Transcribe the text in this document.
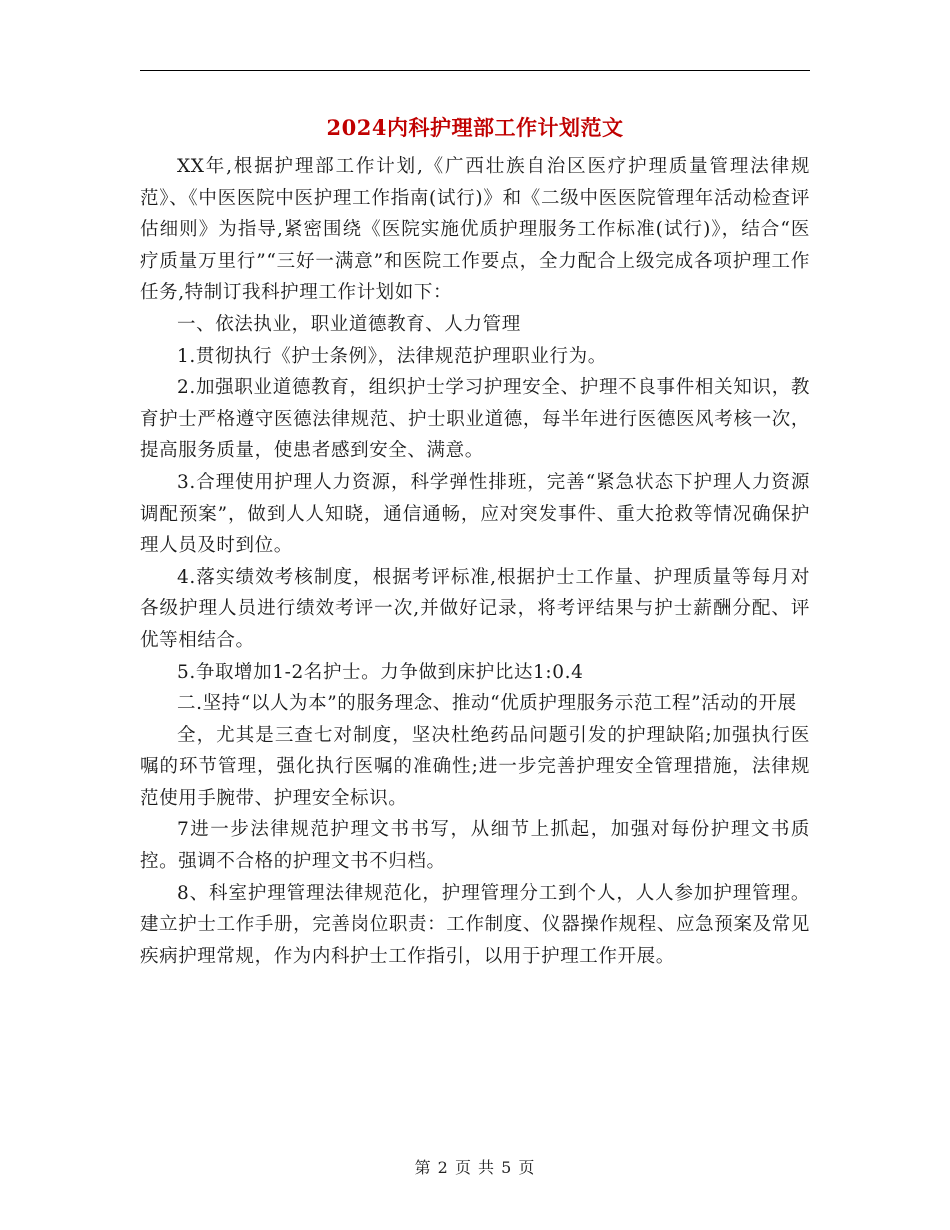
2024内科护理部工作计划范文

XX年,根据护理部工作计划,《广西壮族自治区医疗护理质量管理法律规范》、《中医医院中医护理工作指南(试行)》和《二级中医医院管理年活动检查评估细则》为指导,紧密围绕《医院实施优质护理服务工作标准(试行)》，结合“医疗质量万里行”“三好一满意”和医院工作要点，全力配合上级完成各项护理工作任务,特制订我科护理工作计划如下：

一、依法执业，职业道德教育、人力管理

1.贯彻执行《护士条例》，法律规范护理职业行为。

2.加强职业道德教育，组织护士学习护理安全、护理不良事件相关知识，教育护士严格遵守医德法律规范、护士职业道德，每半年进行医德医风考核一次，提高服务质量，使患者感到安全、满意。

3.合理使用护理人力资源，科学弹性排班，完善“紧急状态下护理人力资源调配预案”，做到人人知晓，通信通畅，应对突发事件、重大抢救等情况确保护理人员及时到位。

4.落实绩效考核制度，根据考评标准,根据护士工作量、护理质量等每月对各级护理人员进行绩效考评一次,并做好记录，将考评结果与护士薪酬分配、评优等相结合。

5.争取增加1-2名护士。力争做到床护比达1:0.4

二.坚持“以人为本”的服务理念、推动“优质护理服务示范工程”活动的开展

全，尤其是三查七对制度，坚决杜绝药品问题引发的护理缺陷;加强执行医嘱的环节管理，强化执行医嘱的准确性;进一步完善护理安全管理措施，法律规范使用手腕带、护理安全标识。

7进一步法律规范护理文书书写，从细节上抓起，加强对每份护理文书质控。强调不合格的护理文书不归档。

8、科室护理管理法律规范化，护理管理分工到个人，人人参加护理管理。建立护士工作手册，完善岗位职责：工作制度、仪器操作规程、应急预案及常见疾病护理常规，作为内科护士工作指引，以用于护理工作开展。

第 2 页 共 5 页
